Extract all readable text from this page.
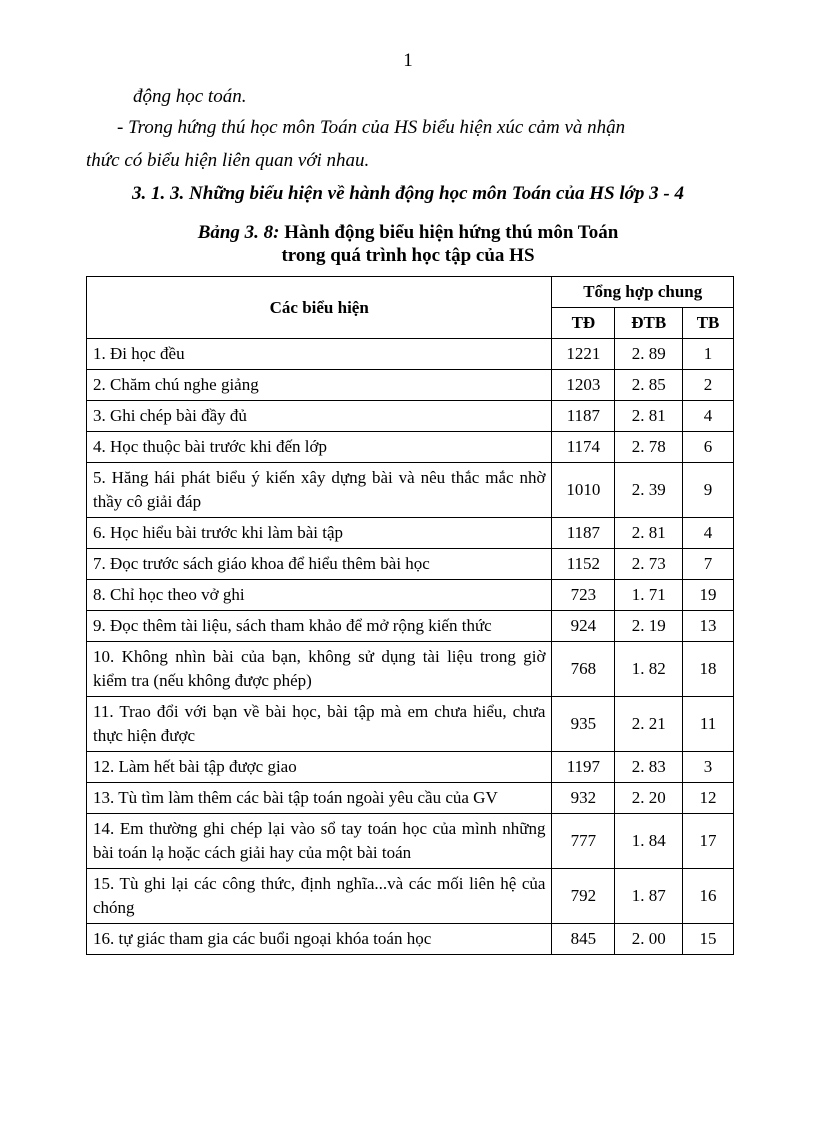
1
động học toán.
- Trong hứng thú học môn Toán của HS biểu hiện xúc cảm và nhận
thức có biểu hiện liên quan với nhau.
3. 1. 3. Những biểu hiện về hành động học môn Toán của HS lớp 3 - 4
Bảng 3. 8: Hành động biểu hiện hứng thú môn Toán
trong quá trình học tập của HS
Các biểu hiện	Tổng hợp chung		
	TĐ	ĐTB	TB
1. Đi học đều	1221	2. 89	1
2. Chăm chú nghe giảng	1203	2. 85	2
3. Ghi chép bài đầy đủ	1187	2. 81	4
4. Học thuộc bài trước khi đến lớp	1174	2. 78	6
5. Hăng hái phát biểu ý kiến xây dựng bài và nêu thắc mắc nhờ thầy cô giải đáp	1010	2. 39	9
6. Học hiểu bài trước khi làm bài tập	1187	2. 81	4
7. Đọc trước sách giáo khoa để hiểu thêm bài học	1152	2. 73	7
8. Chỉ học theo vở ghi	723	1. 71	19
9. Đọc thêm tài liệu, sách tham khảo để mở rộng kiến thức	924	2. 19	13
10. Không nhìn bài của bạn, không sử dụng tài liệu trong giờ kiểm tra (nếu không được phép)	768	1. 82	18
11. Trao đổi với bạn về bài học, bài tập mà em chưa hiểu, chưa thực hiện được	935	2. 21	11
12. Làm hết bài tập được giao	1197	2. 83	3
13. Tù tìm làm thêm các bài tập toán ngoài yêu cầu của GV	932	2. 20	12
14. Em thường ghi chép lại vào sổ tay toán học của mình những bài toán lạ hoặc cách giải hay của một bài toán	777	1. 84	17
15. Tù ghi lại các công thức, định nghĩa...và các mối liên hệ của chóng	792	1. 87	16
16. tự giác tham gia các buổi ngoại khóa toán học	845	2. 00	15
